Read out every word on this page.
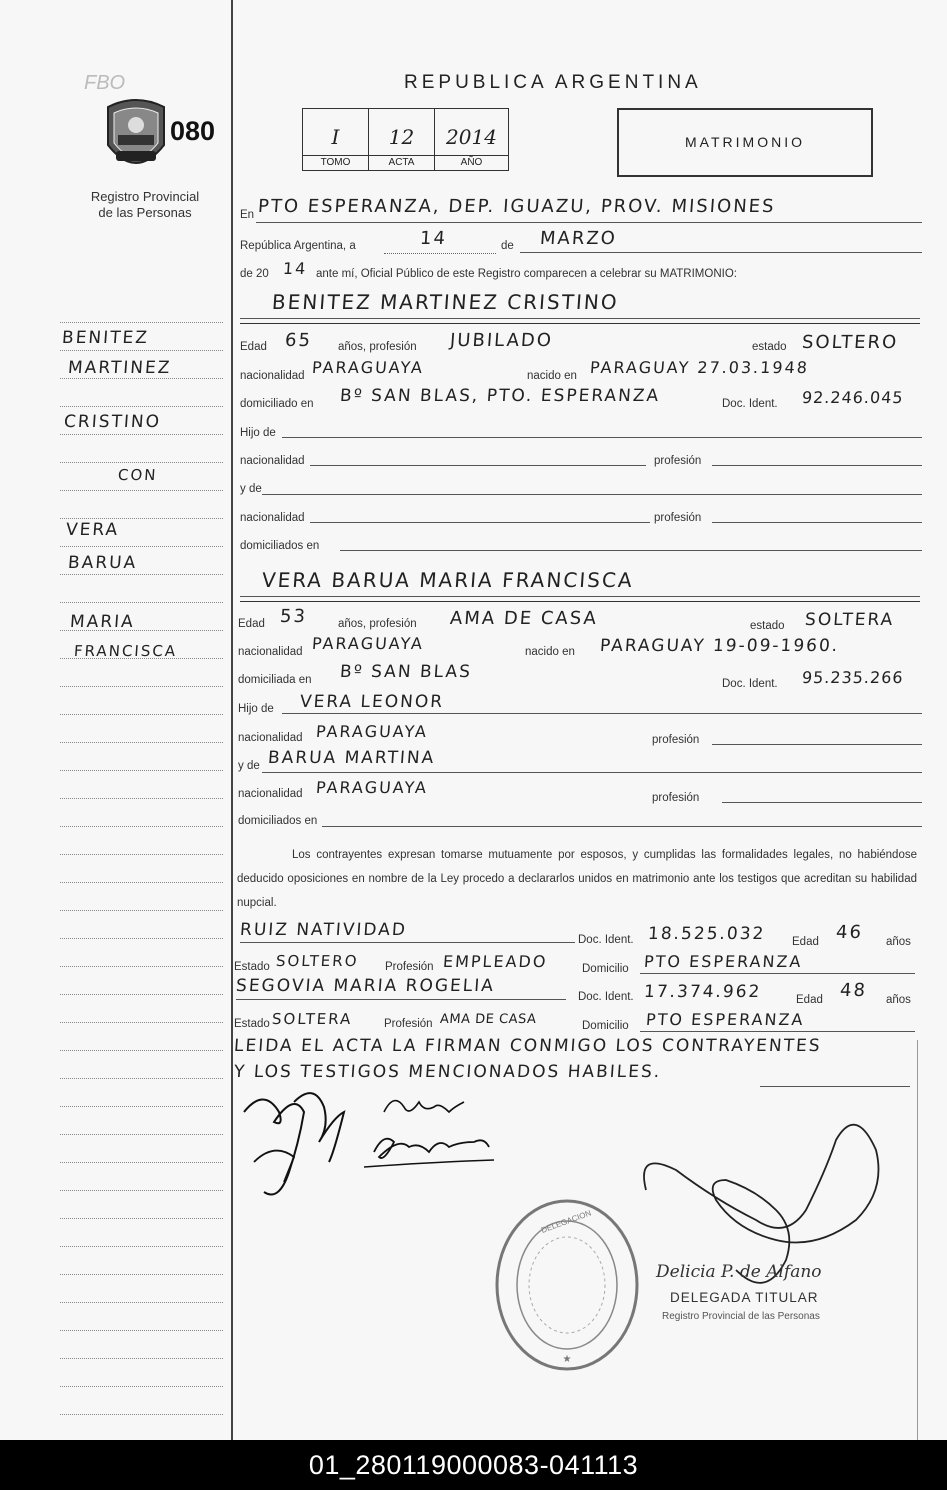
FBO
080
Registro Provincial
de las Personas
REPUBLICA ARGENTINA
I
TOMO
12
ACTA
2014
AÑO
MATRIMONIO
BENITEZ
MARTINEZ
CRISTINO
CON
VERA
BARUA
MARIA
FRANCISCA
En PTO ESPERANZA, DEP. IGUAZU, PROV. MISIONES
República Argentina, a	14	de MARZO
de 20 14 ante mí, Oficial Público de este Registro comparecen a celebrar su MATRIMONIO:
BENITEZ MARTINEZ CRISTINO
Edad 65 años, profesión JUBILADO	estado SOLTERO
nacionalidad PARAGUAYA	nacido en PARAGUAY 27.03.1948
domiciliado en Bº SAN BLAS, PTO. ESPERANZA	Doc. Ident. 92.246.045
Hijo de
nacionalidad	profesión
y de
nacionalidad	profesión
domiciliados en
VERA BARUA MARIA FRANCISCA
Edad 53	años, profesión AMA DE CASA	estado SOLTERA
nacionalidad PARAGUAYA	nacido en PARAGUAY 19-09-1960.
domiciliada en Bº SAN BLAS
Doc. Ident. 95.235.266
Hijo de VERA LEONOR
nacionalidad PARAGUAYA	profesión
y de BARUA MARTINA
nacionalidad PARAGUAYA
profesión
domiciliados en

Los contrayentes expresan tomarse mutuamente por esposos, y cumplidas las formalidades legales, no habiéndose deducido oposiciones en nombre de la Ley procedo a declararlos unidos en matrimonio ante los testigos que acreditan su habilidad nupcial.

RUIZ NATIVIDAD	Doc. Ident. 18.525.032 Edad 46 años
Estado SOLTERO Profesión EMPLEADO	Domicilio PTO ESPERANZA
SEGOVIA MARIA ROGELIA
Doc. Ident. 17.374.962	Edad 48 años
Estado SOLTERA	Profesión AMA DE CASA	Domicilio PTO ESPERANZA
LEIDA EL ACTA LA FIRMAN CONMIGO LOS CONTRAYENTES
Y LOS TESTIGOS MENCIONADOS HABILES.
DELEGACION
★
Delicia P. de Alfano
DELEGADA TITULAR
Registro Provincial de las Personas
01_280119000083-041113
